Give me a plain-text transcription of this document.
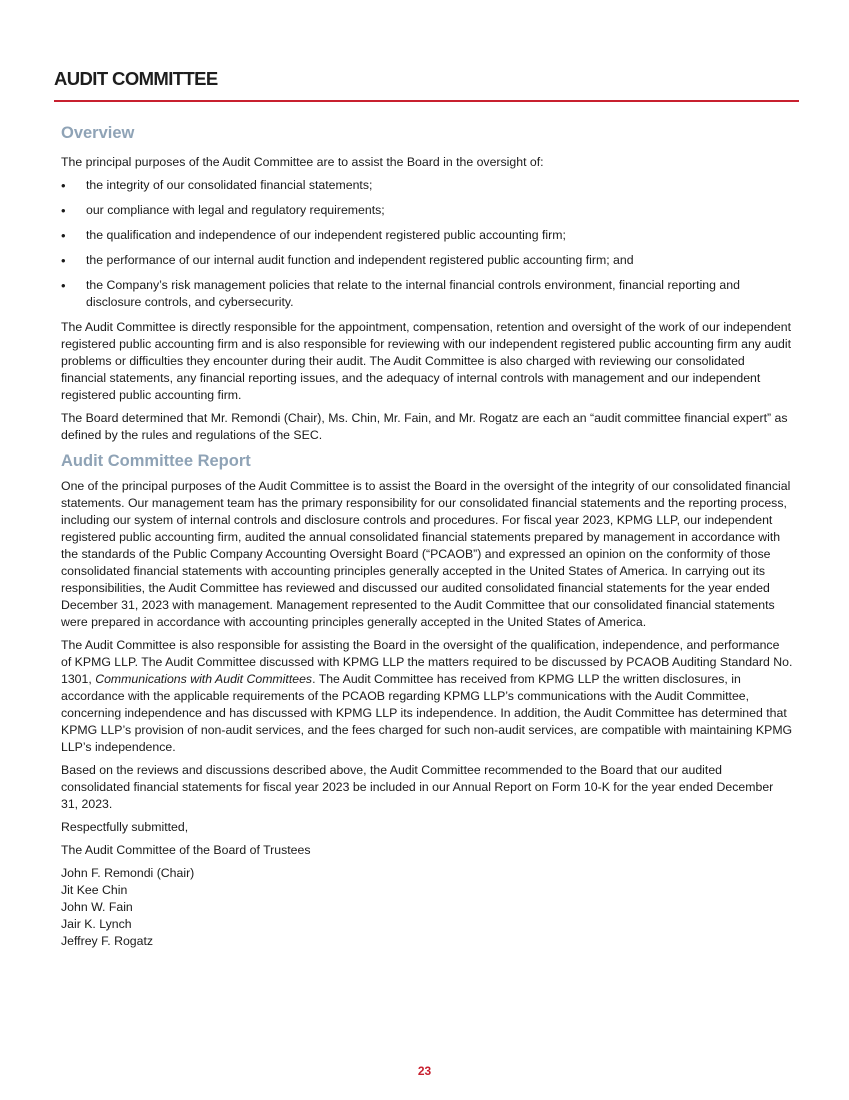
AUDIT COMMITTEE
Overview

The principal purposes of the Audit Committee are to assist the Board in the oversight of:

• the integrity of our consolidated financial statements;
• our compliance with legal and regulatory requirements;
• the qualification and independence of our independent registered public accounting firm;
• the performance of our internal audit function and independent registered public accounting firm; and
• the Company’s risk management policies that relate to the internal financial controls environment, financial reporting and disclosure controls, and cybersecurity.

The Audit Committee is directly responsible for the appointment, compensation, retention and oversight of the work of our independent registered public accounting firm and is also responsible for reviewing with our independent registered public accounting firm any audit problems or difficulties they encounter during their audit. The Audit Committee is also charged with reviewing our consolidated financial statements, any financial reporting issues, and the adequacy of internal controls with management and our independent registered public accounting firm.

The Board determined that Mr. Remondi (Chair), Ms. Chin, Mr. Fain, and Mr. Rogatz are each an “audit committee financial expert” as defined by the rules and regulations of the SEC.

Audit Committee Report

One of the principal purposes of the Audit Committee is to assist the Board in the oversight of the integrity of our consolidated financial statements. Our management team has the primary responsibility for our consolidated financial statements and the reporting process, including our system of internal controls and disclosure controls and procedures. For fiscal year 2023, KPMG LLP, our independent registered public accounting firm, audited the annual consolidated financial statements prepared by management in accordance with the standards of the Public Company Accounting Oversight Board (“PCAOB”) and expressed an opinion on the conformity of those consolidated financial statements with accounting principles generally accepted in the United States of America. In carrying out its responsibilities, the Audit Committee has reviewed and discussed our audited consolidated financial statements for the year ended December 31, 2023 with management. Management represented to the Audit Committee that our consolidated financial statements were prepared in accordance with accounting principles generally accepted in the United States of America.

The Audit Committee is also responsible for assisting the Board in the oversight of the qualification, independence, and performance of KPMG LLP. The Audit Committee discussed with KPMG LLP the matters required to be discussed by PCAOB Auditing Standard No. 1301, Communications with Audit Committees. The Audit Committee has received from KPMG LLP the written disclosures, in accordance with the applicable requirements of the PCAOB regarding KPMG LLP’s communications with the Audit Committee, concerning independence and has discussed with KPMG LLP its independence. In addition, the Audit Committee has determined that KPMG LLP’s provision of non-audit services, and the fees charged for such non-audit services, are compatible with maintaining KPMG LLP’s independence.

Based on the reviews and discussions described above, the Audit Committee recommended to the Board that our audited consolidated financial statements for fiscal year 2023 be included in our Annual Report on Form 10-K for the year ended December 31, 2023.

Respectfully submitted,

The Audit Committee of the Board of Trustees

John F. Remondi (Chair)

Jit Kee Chin

John W. Fain

Jair K. Lynch

Jeffrey F. Rogatz

23
